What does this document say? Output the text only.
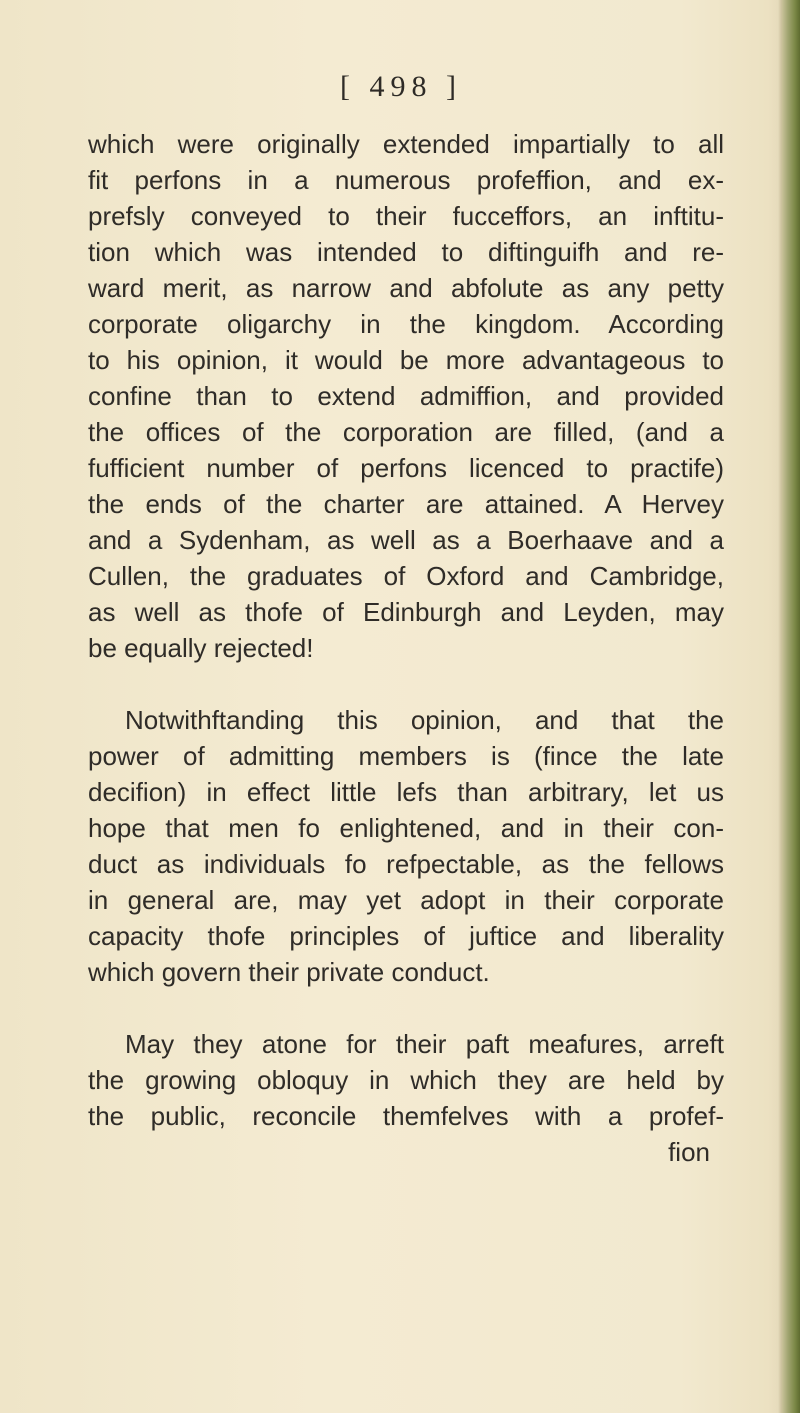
[ 498 ]
which were originally extended impartially to all
fit perfons in a numerous profeffion, and ex-
prefsly conveyed to their fucceffors, an inftitu-
tion which was intended to diftinguifh and re-
ward merit, as narrow and abfolute as any petty
corporate oligarchy in the kingdom. According
to his opinion, it would be more advantageous to
confine than to extend admiffion, and provided
the offices of the corporation are filled, (and a
fufficient number of perfons licenced to practife)
the ends of the charter are attained. A Hervey
and a Sydenham, as well as a Boerhaave and a
Cullen, the graduates of Oxford and Cambridge,
as well as thofe of Edinburgh and Leyden, may
be equally rejected!
Notwithftanding this opinion, and that the
power of admitting members is (fince the late
decifion) in effect little lefs than arbitrary, let us
hope that men fo enlightened, and in their con-
duct as individuals fo refpectable, as the fellows
in general are, may yet adopt in their corporate
capacity thofe principles of juftice and liberality
which govern their private conduct.
May they atone for their paft meafures, arreft
the growing obloquy in which they are held by
the public, reconcile themfelves with a profef-
fion
